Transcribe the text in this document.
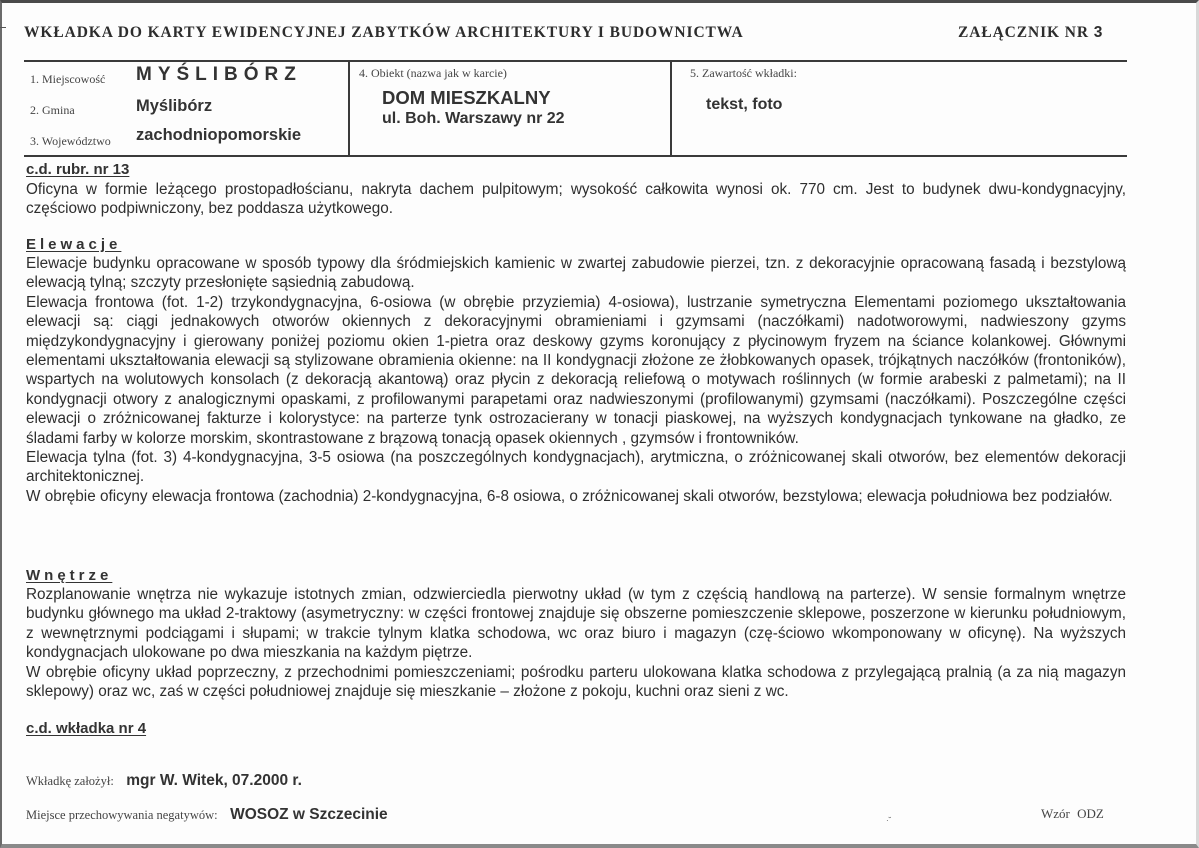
WKŁADKA DO KARTY EWIDENCYJNEJ ZABYTKÓW ARCHITEKTURY I BUDOWNICTWA	ZAŁĄCZNIK NR 3
1. Miejscowość MYŚLIBÓRZ
2. Gmina	Myślibórz
3. Województwo zachodniopomorskie
4. Obiekt (nazwa jak w karcie)
DOM MIESZKALNY
ul. Boh. Warszawy nr 22
5. Zawartość wkładki:
tekst, foto
c.d. rubr. nr 13

Oficyna w formie leżącego prostopadłościanu, nakryta dachem pulpitowym; wysokość całkowita wynosi ok. 770 cm. Jest to budynek dwu-kondygnacyjny, częściowo podpiwniczony, bez poddasza użytkowego.

Elewacje

Elewacje budynku opracowane w sposób typowy dla śródmiejskich kamienic w zwartej zabudowie pierzei, tzn. z dekoracyjnie opracowaną fasadą i bezstylową elewacją tylną; szczyty przesłonięte sąsiednią zabudową.

Elewacja frontowa (fot. 1-2) trzykondygnacyjna, 6-osiowa (w obrębie przyziemia) 4-osiowa), lustrzanie symetryczna Elementami poziomego ukształtowania elewacji są: ciągi jednakowych otworów okiennych z dekoracyjnymi obramieniami i gzymsami (naczółkami) nadotworowymi, nadwieszony gzyms międzykondygnacyjny i gierowany poniżej poziomu okien 1-pietra oraz deskowy gzyms koronujący z płycinowym fryzem na ściance kolankowej. Głównymi elementami ukształtowania elewacji są stylizowane obramienia okienne: na II kondygnacji złożone ze żłobkowanych opasek, trójkątnych naczółków (frontoników), wspartych na wolutowych konsolach (z dekoracją akantową) oraz płycin z dekoracją reliefową o motywach roślinnych (w formie arabeski z palmetami); na II kondygnacji otwory z analogicznymi opaskami, z profilowanymi parapetami oraz nadwieszonymi (profilowanymi) gzymsami (naczółkami). Poszczególne części elewacji o zróżnicowanej fakturze i kolorystyce: na parterze tynk ostrozacierany w tonacji piaskowej, na wyższych kondygnacjach tynkowane na gładko, ze śladami farby w kolorze morskim, skontrastowane z brązową tonacją opasek okiennych , gzymsów i frontowników.

Elewacja tylna (fot. 3) 4-kondygnacyjna, 3-5 osiowa (na poszczególnych kondygnacjach), arytmiczna, o zróżnicowanej skali otworów, bez elementów dekoracji architektonicznej.

W obrębie oficyny elewacja frontowa (zachodnia) 2-kondygnacyjna, 6-8 osiowa, o zróżnicowanej skali otworów, bezstylowa; elewacja południowa bez podziałów.

Wnętrze

Rozplanowanie wnętrza nie wykazuje istotnych zmian, odzwierciedla pierwotny układ (w tym z częścią handlową na parterze). W sensie formalnym wnętrze budynku głównego ma układ 2-traktowy (asymetryczny: w części frontowej znajduje się obszerne pomieszczenie sklepowe, poszerzone w kierunku południowym, z wewnętrznymi podciągami i słupami; w trakcie tylnym klatka schodowa, wc oraz biuro i magazyn (czę-ściowo wkomponowany w oficynę). Na wyższych kondygnacjach ulokowane po dwa mieszkania na każdym piętrze.

W obrębie oficyny układ poprzeczny, z przechodnimi pomieszczeniami; pośrodku parteru ulokowana klatka schodowa z przylegającą pralnią (a za nią magazyn sklepowy) oraz wc, zaś w części południowej znajduje się mieszkanie – złożone z pokoju, kuchni oraz sieni z wc.

c.d. wkładka nr 4
Wkładkę założył: mgr W. Witek, 07.2000 r.
Miejsce przechowywania negatywów: WOSOZ w Szczecinie	·˘	Wzór ODZ
